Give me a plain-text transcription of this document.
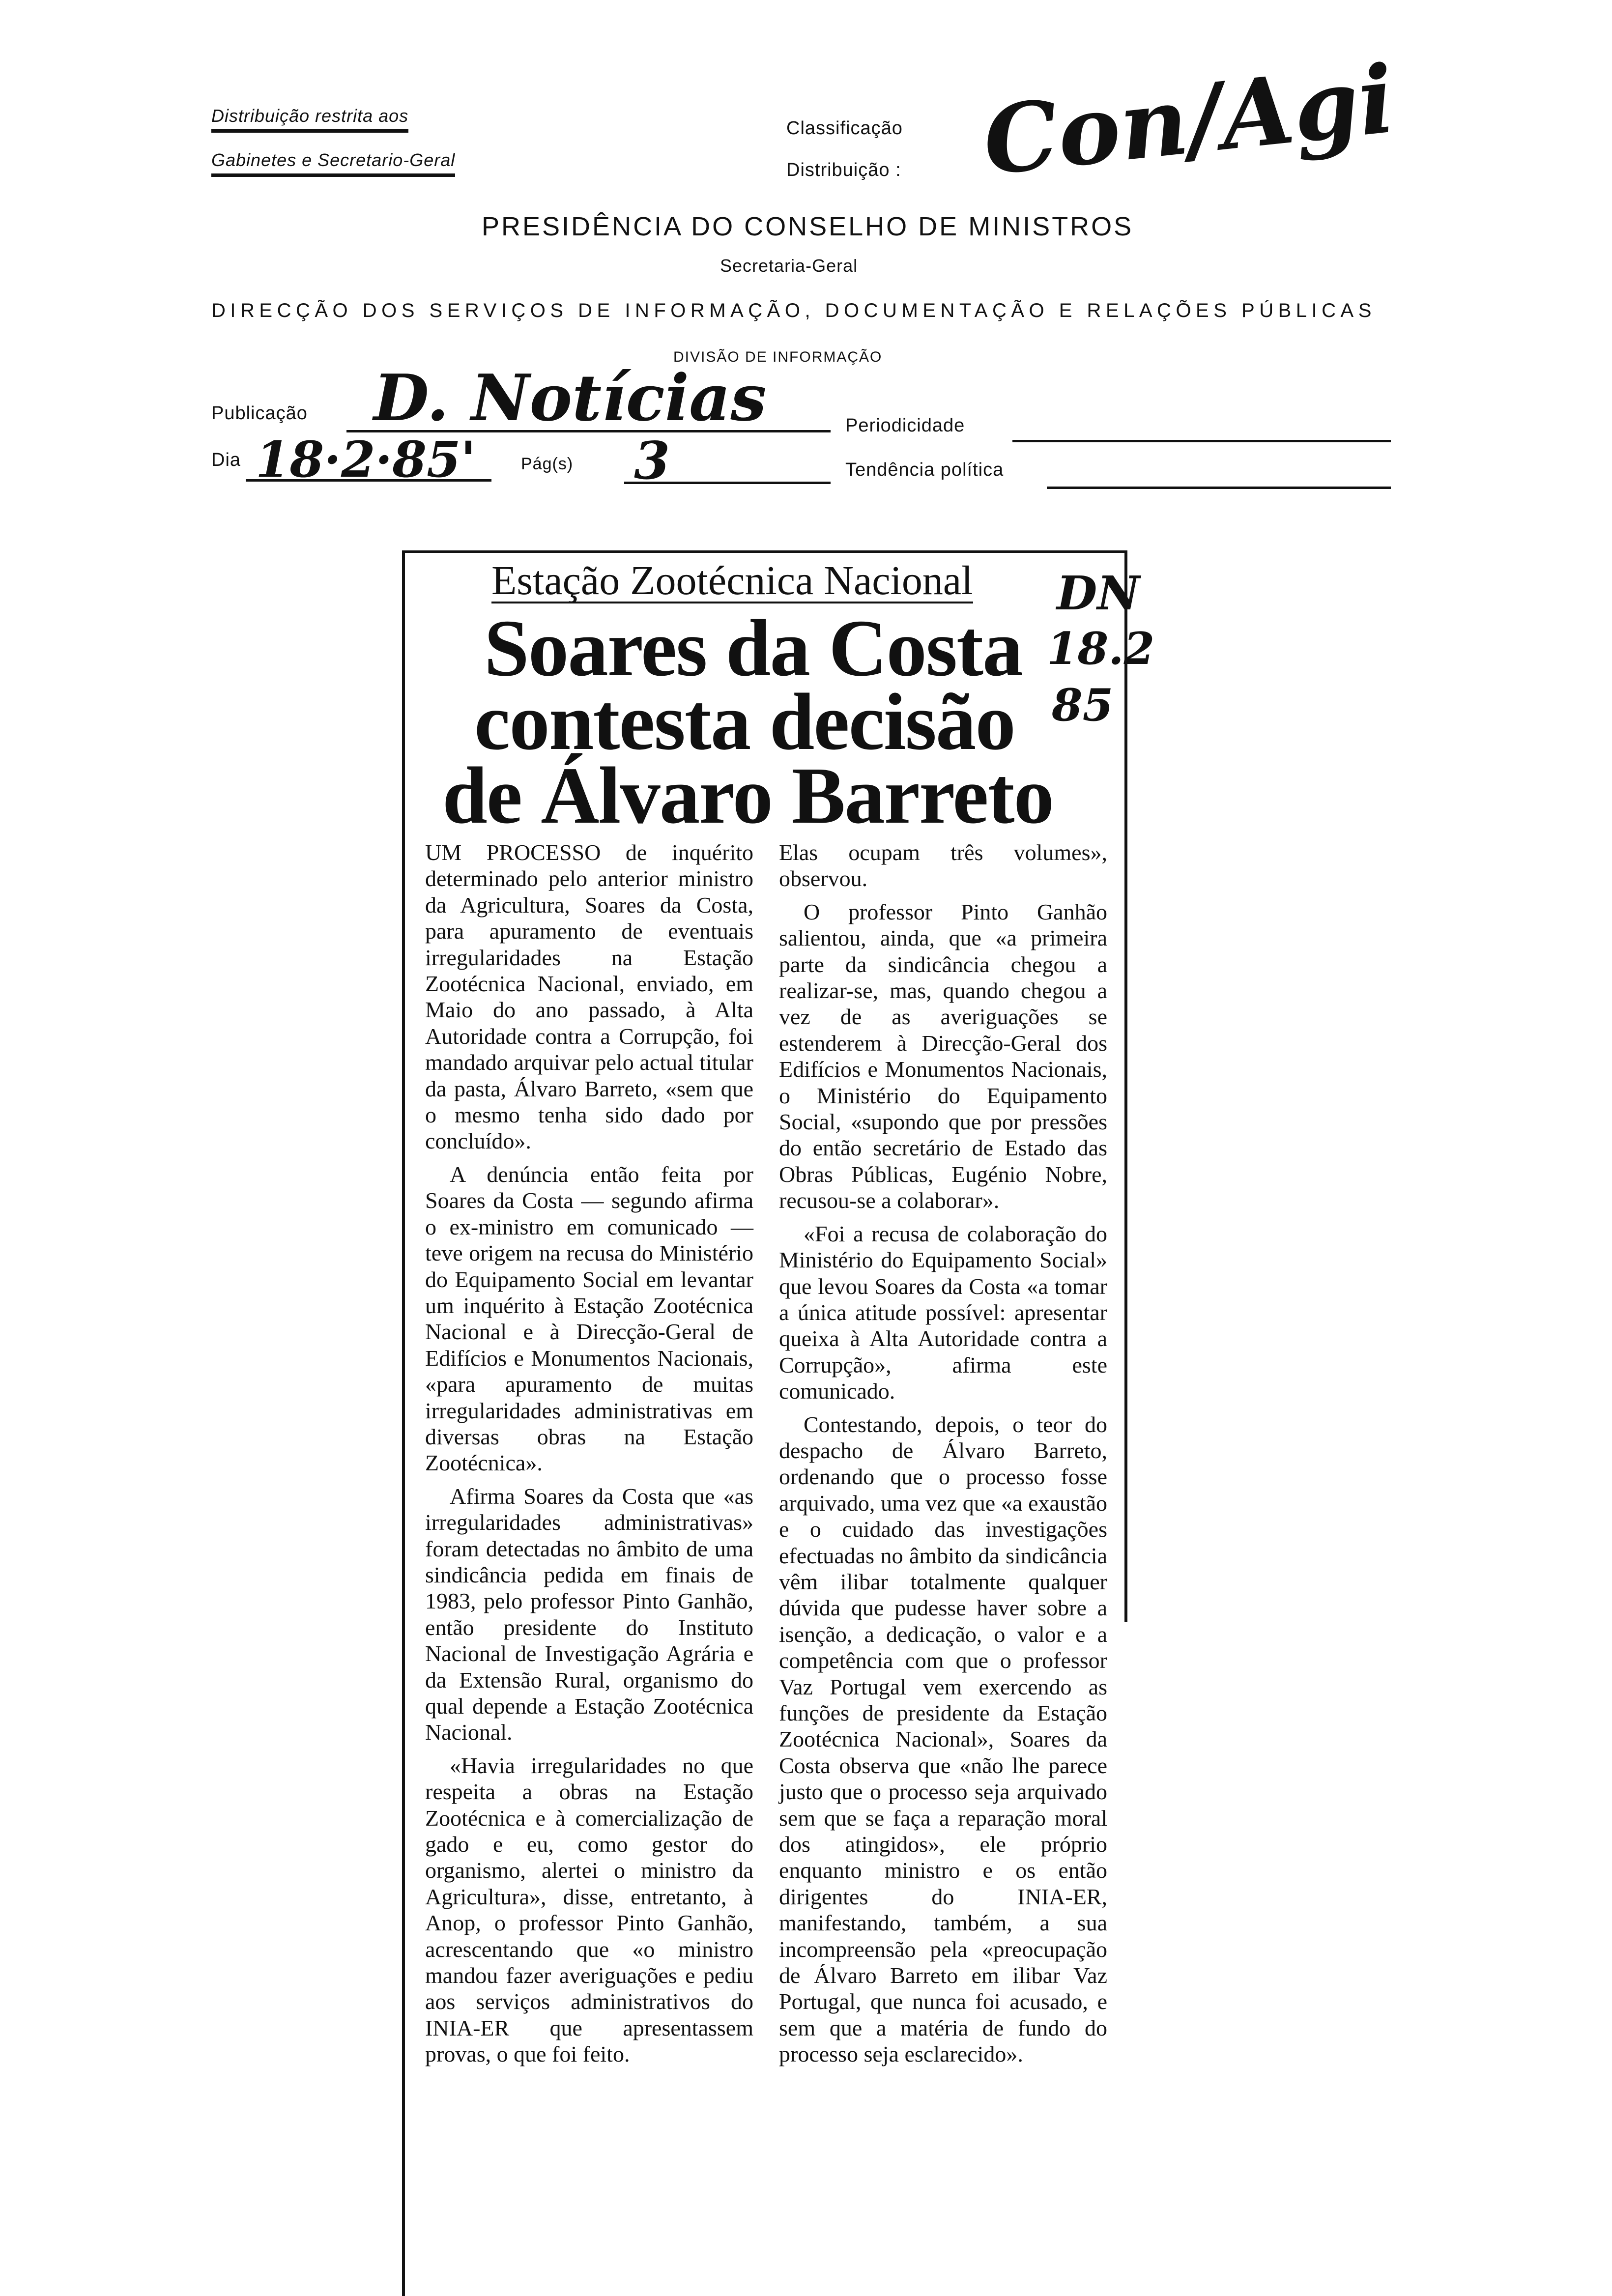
Distribuição restrita aos
Gabinetes e Secretario-Geral
Classificação
Distribuição : Con/Agi
PRESIDÊNCIA DO CONSELHO DE MINISTROS
Secretaria-Geral
DIRECÇÃO DOS SERVIÇOS DE INFORMAÇÃO, DOCUMENTAÇÃO E RELAÇÕES PÚBLICAS
DIVISÃO DE INFORMAÇÃO
Publicação D. Notícias	Periodicidade
Dia 18·2·85'	Pág(s) 3	Tendência política
Estação Zootécnica Nacional
Soares da Costa
contesta decisão
de Álvaro Barreto
DN
18.2
85

UM PROCESSO de inquérito determinado pelo anterior ministro da Agricultura, Soares da Costa, para apuramento de eventuais irregularidades na Estação Zootécnica Nacional, enviado, em Maio do ano passado, à Alta Autoridade contra a Corrupção, foi mandado arquivar pelo actual titular da pasta, Álvaro Barreto, «sem que o mesmo tenha sido dado por concluído».

A denúncia então feita por Soares da Costa — segundo afirma o ex-ministro em comunicado — teve origem na recusa do Ministério do Equipamento Social em levantar um inquérito à Estação Zootécnica Nacional e à Direcção-Geral de Edifícios e Monumentos Nacionais, «para apuramento de muitas irregularidades administrativas em diversas obras na Estação Zootécnica».

Afirma Soares da Costa que «as irregularidades administrativas» foram detectadas no âmbito de uma sindicância pedida em finais de 1983, pelo professor Pinto Ganhão, então presidente do Instituto Nacional de Investigação Agrária e da Extensão Rural, organismo do qual depende a Estação Zootécnica Nacional.

«Havia irregularidades no que respeita a obras na Estação Zootécnica e à comercialização de gado e eu, como gestor do organismo, alertei o ministro da Agricultura», disse, entretanto, à Anop, o professor Pinto Ganhão, acrescentando que «o ministro mandou fazer averiguações e pediu aos serviços administrativos do INIA-ER que apresentassem provas, o que foi feito.

Elas ocupam três volumes», observou.

O professor Pinto Ganhão salientou, ainda, que «a primeira parte da sindicância chegou a realizar-se, mas, quando chegou a vez de as averiguações se estenderem à Direcção-Geral dos Edifícios e Monumentos Nacionais, o Ministério do Equipamento Social, «supondo que por pressões do então secretário de Estado das Obras Públicas, Eugénio Nobre, recusou-se a colaborar».

«Foi a recusa de colaboração do Ministério do Equipamento Social» que levou Soares da Costa «a tomar a única atitude possível: apresentar queixa à Alta Autoridade contra a Corrupção», afirma este comunicado.

Contestando, depois, o teor do despacho de Álvaro Barreto, ordenando que o processo fosse arquivado, uma vez que «a exaustão e o cuidado das investigações efectuadas no âmbito da sindicância vêm ilibar totalmente qualquer dúvida que pudesse haver sobre a isenção, a dedicação, o valor e a competência com que o professor Vaz Portugal vem exercendo as funções de presidente da Estação Zootécnica Nacional», Soares da Costa observa que «não lhe parece justo que o processo seja arquivado sem que se faça a reparação moral dos atingidos», ele próprio enquanto ministro e os então dirigentes do INIA-ER, manifestando, também, a sua incompreensão pela «preocupação de Álvaro Barreto em ilibar Vaz Portugal, que nunca foi acusado, e sem que a matéria de fundo do processo seja esclarecido».
